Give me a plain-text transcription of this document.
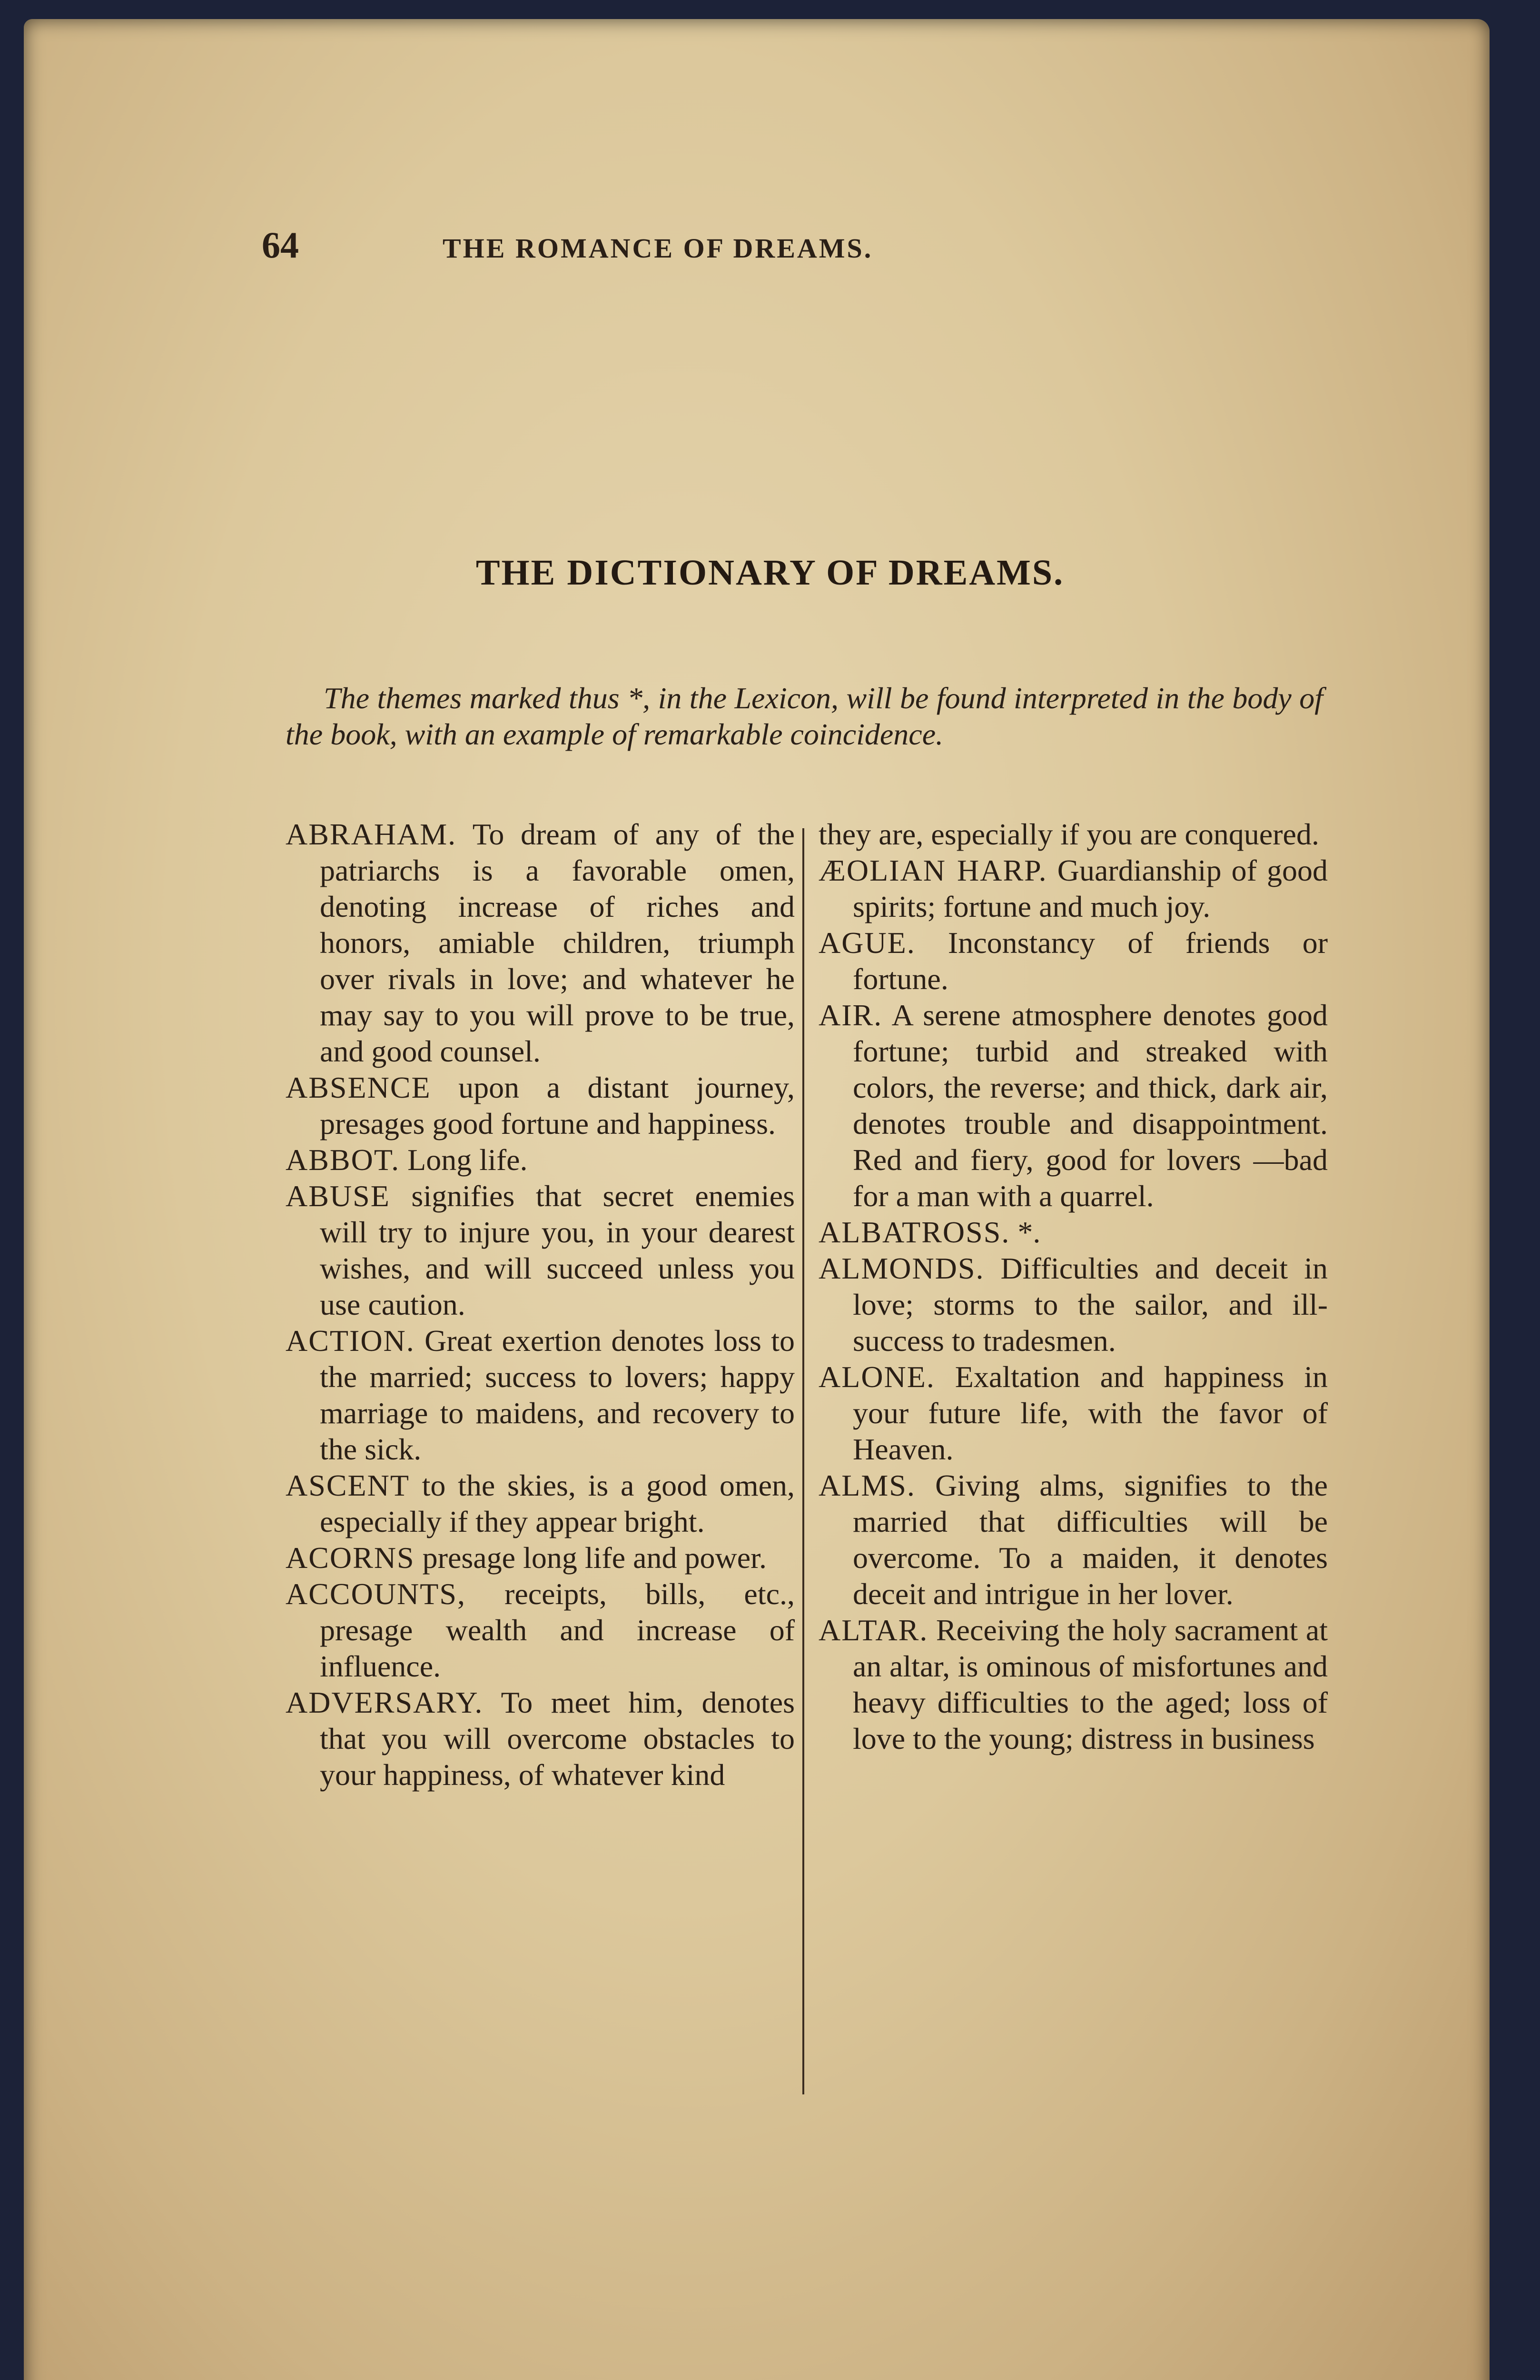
64	THE ROMANCE OF DREAMS.
THE DICTIONARY OF DREAMS.

The themes marked thus *, in the Lexicon, will be found interpreted in the body of the book, with an example of remarkable coincidence.

ABRAHAM. To dream of any of the patriarchs is a favorable omen, denoting increase of riches and honors, amiable children, triumph over rivals in love; and whatever he may say to you will prove to be true, and good counsel.

ABSENCE upon a distant journey, presages good fortune and happiness.

ABBOT. Long life.

ABUSE signifies that secret enemies will try to injure you, in your dearest wishes, and will succeed unless you use caution.

ACTION. Great exertion denotes loss to the married; success to lovers; happy marriage to maidens, and recovery to the sick.

ASCENT to the skies, is a good omen, especially if they appear bright.

ACORNS presage long life and power.

ACCOUNTS, receipts, bills, etc., presage wealth and increase of influence.

ADVERSARY. To meet him, denotes that you will overcome obstacles to your happiness, of whatever kind

they are, especially if you are conquered.

ÆOLIAN HARP. Guardianship of good spirits; fortune and much joy.

AGUE. Inconstancy of friends or fortune.

AIR. A serene atmosphere denotes good fortune; turbid and streaked with colors, the reverse; and thick, dark air, denotes trouble and disappointment. Red and fiery, good for lovers —bad for a man with a quarrel.

ALBATROSS. *.

ALMONDS. Difficulties and deceit in love; storms to the sailor, and ill-success to tradesmen.

ALONE. Exaltation and happiness in your future life, with the favor of Heaven.

ALMS. Giving alms, signifies to the married that difficulties will be overcome. To a maiden, it denotes deceit and intrigue in her lover.

ALTAR. Receiving the holy sacrament at an altar, is ominous of misfortunes and heavy difficulties to the aged; loss of love to the young; distress in business
